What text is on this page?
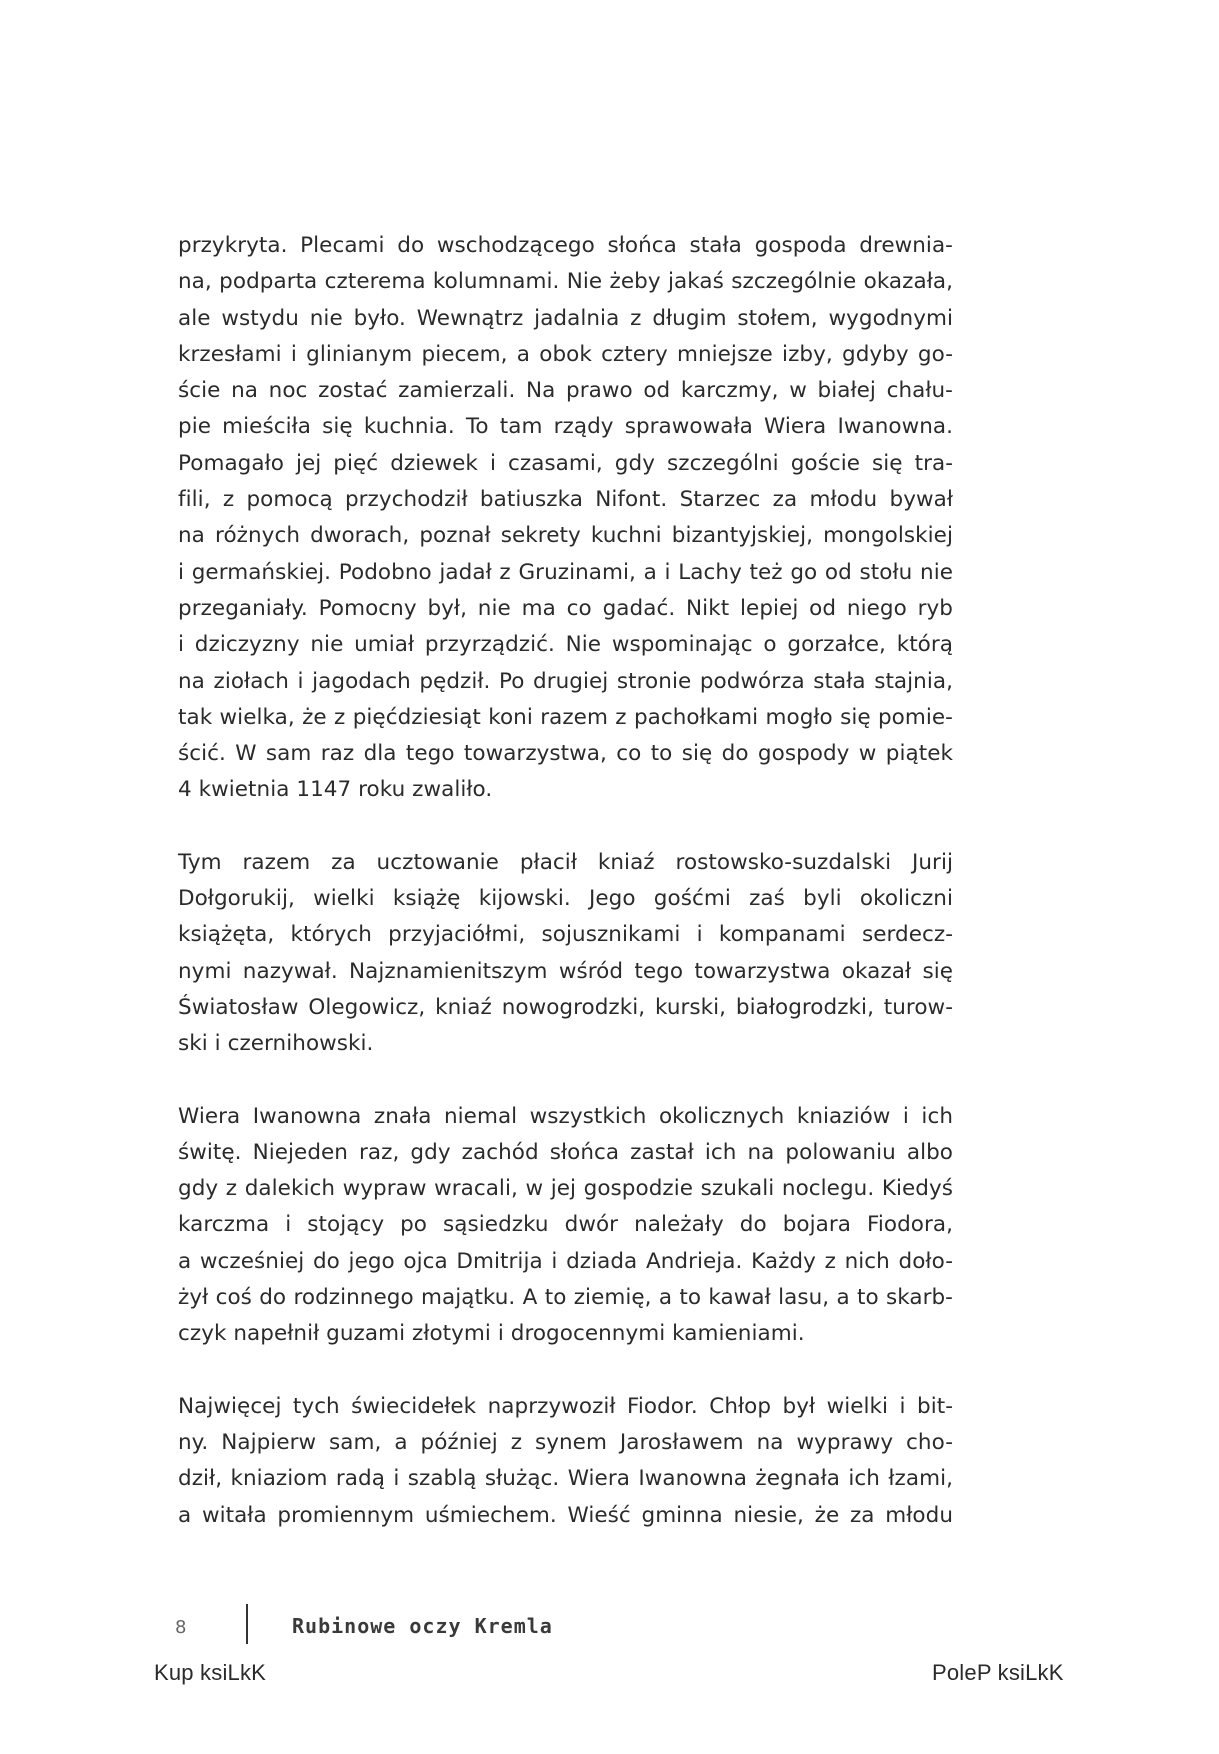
przykryta. Plecami do wschodzącego słońca stała gospoda drewnia-
na, podparta czterema kolumnami. Nie żeby jakaś szczególnie okazała,
ale wstydu nie było. Wewnątrz jadalnia z długim stołem, wygodnymi
krzesłami i glinianym piecem, a obok cztery mniejsze izby, gdyby go-
ście na noc zostać zamierzali. Na prawo od karczmy, w białej chału-
pie mieściła się kuchnia. To tam rządy sprawowała Wiera Iwanowna.
Pomagało jej pięć dziewek i czasami, gdy szczególni goście się tra-
fili, z pomocą przychodził batiuszka Nifont. Starzec za młodu bywał
na różnych dworach, poznał sekrety kuchni bizantyjskiej, mongolskiej
i germańskiej. Podobno jadał z Gruzinami, a i Lachy też go od stołu nie
przeganiały. Pomocny był, nie ma co gadać. Nikt lepiej od niego ryb
i dziczyzny nie umiał przyrządzić. Nie wspominając o gorzałce, którą
na ziołach i jagodach pędził. Po drugiej stronie podwórza stała stajnia,
tak wielka, że z pięćdziesiąt koni razem z pachołkami mogło się pomie-
ścić. W sam raz dla tego towarzystwa, co to się do gospody w piątek
4 kwietnia 1147 roku zwaliło.
Tym razem za ucztowanie płacił kniaź rostowsko-suzdalski Jurij
Dołgorukij, wielki książę kijowski. Jego gośćmi zaś byli okoliczni
książęta, których przyjaciółmi, sojusznikami i kompanami serdecz-
nymi nazywał. Najznamienitszym wśród tego towarzystwa okazał się
Światosław Olegowicz, kniaź nowogrodzki, kurski, białogrodzki, turow-
ski i czernihowski.
Wiera Iwanowna znała niemal wszystkich okolicznych kniaziów i ich
świtę. Niejeden raz, gdy zachód słońca zastał ich na polowaniu albo
gdy z dalekich wypraw wracali, w jej gospodzie szukali noclegu. Kiedyś
karczma i stojący po sąsiedzku dwór należały do bojara Fiodora,
a wcześniej do jego ojca Dmitrija i dziada Andrieja. Każdy z nich doło-
żył coś do rodzinnego majątku. A to ziemię, a to kawał lasu, a to skarb-
czyk napełnił guzami złotymi i drogocennymi kamieniami.
Najwięcej tych świecidełek naprzywoził Fiodor. Chłop był wielki i bit-
ny. Najpierw sam, a później z synem Jarosławem na wyprawy cho-
dził, kniaziom radą i szablą służąc. Wiera Iwanowna żegnała ich łzami,
a witała promiennym uśmiechem. Wieść gminna niesie, że za młodu
8	Rubinowe oczy Kremla
Kup ksiLkK	PoleP ksiLkK
